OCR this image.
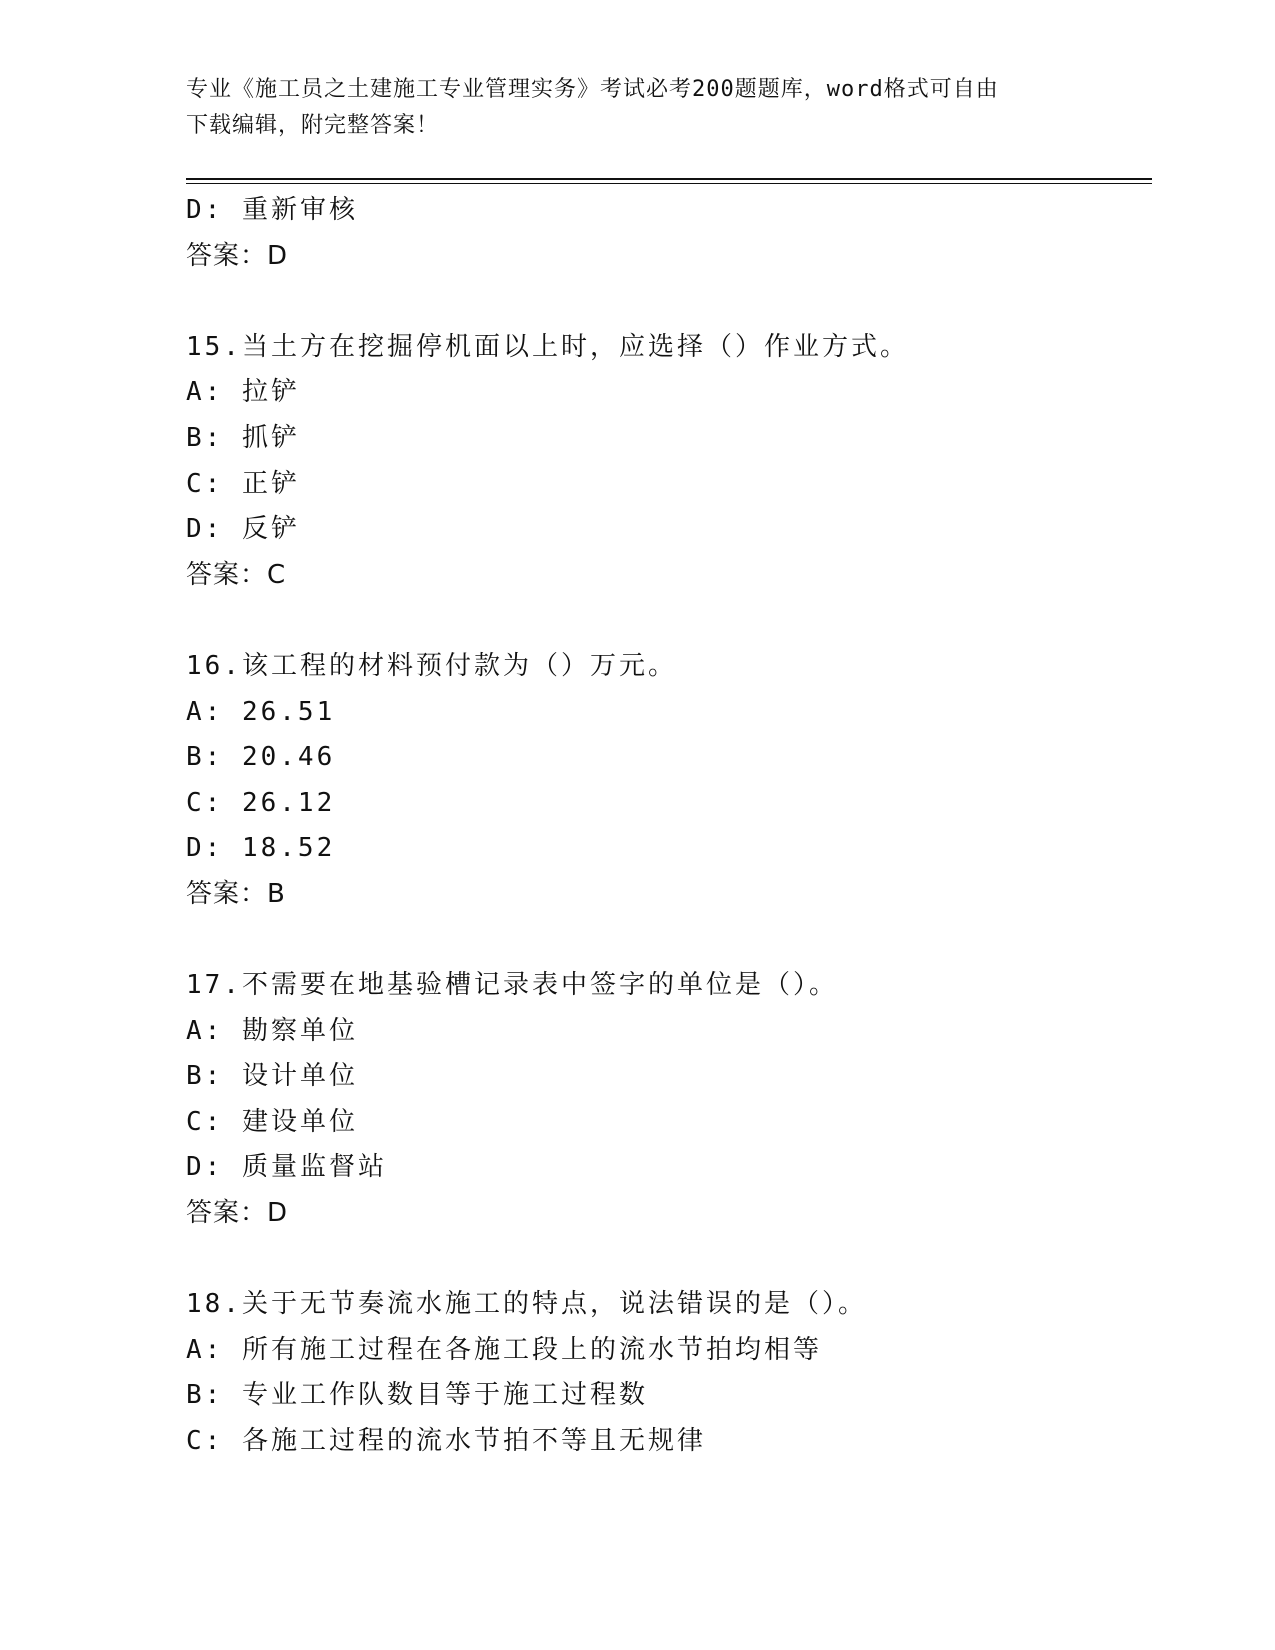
专业《施工员之土建施工专业管理实务》考试必考200题题库，word格式可自由
下载编辑，附完整答案！
D: 重新审核
答案：D
15.当土方在挖掘停机面以上时，应选择（）作业方式。
A: 拉铲
B: 抓铲
C: 正铲
D: 反铲
答案：C
16.该工程的材料预付款为（）万元。
A: 26.51
B: 20.46
C: 26.12
D: 18.52
答案：B
17.不需要在地基验槽记录表中签字的单位是（）。
A: 勘察单位
B: 设计单位
C: 建设单位
D: 质量监督站
答案：D
18.关于无节奏流水施工的特点，说法错误的是（）。
A: 所有施工过程在各施工段上的流水节拍均相等
B: 专业工作队数目等于施工过程数
C: 各施工过程的流水节拍不等且无规律
